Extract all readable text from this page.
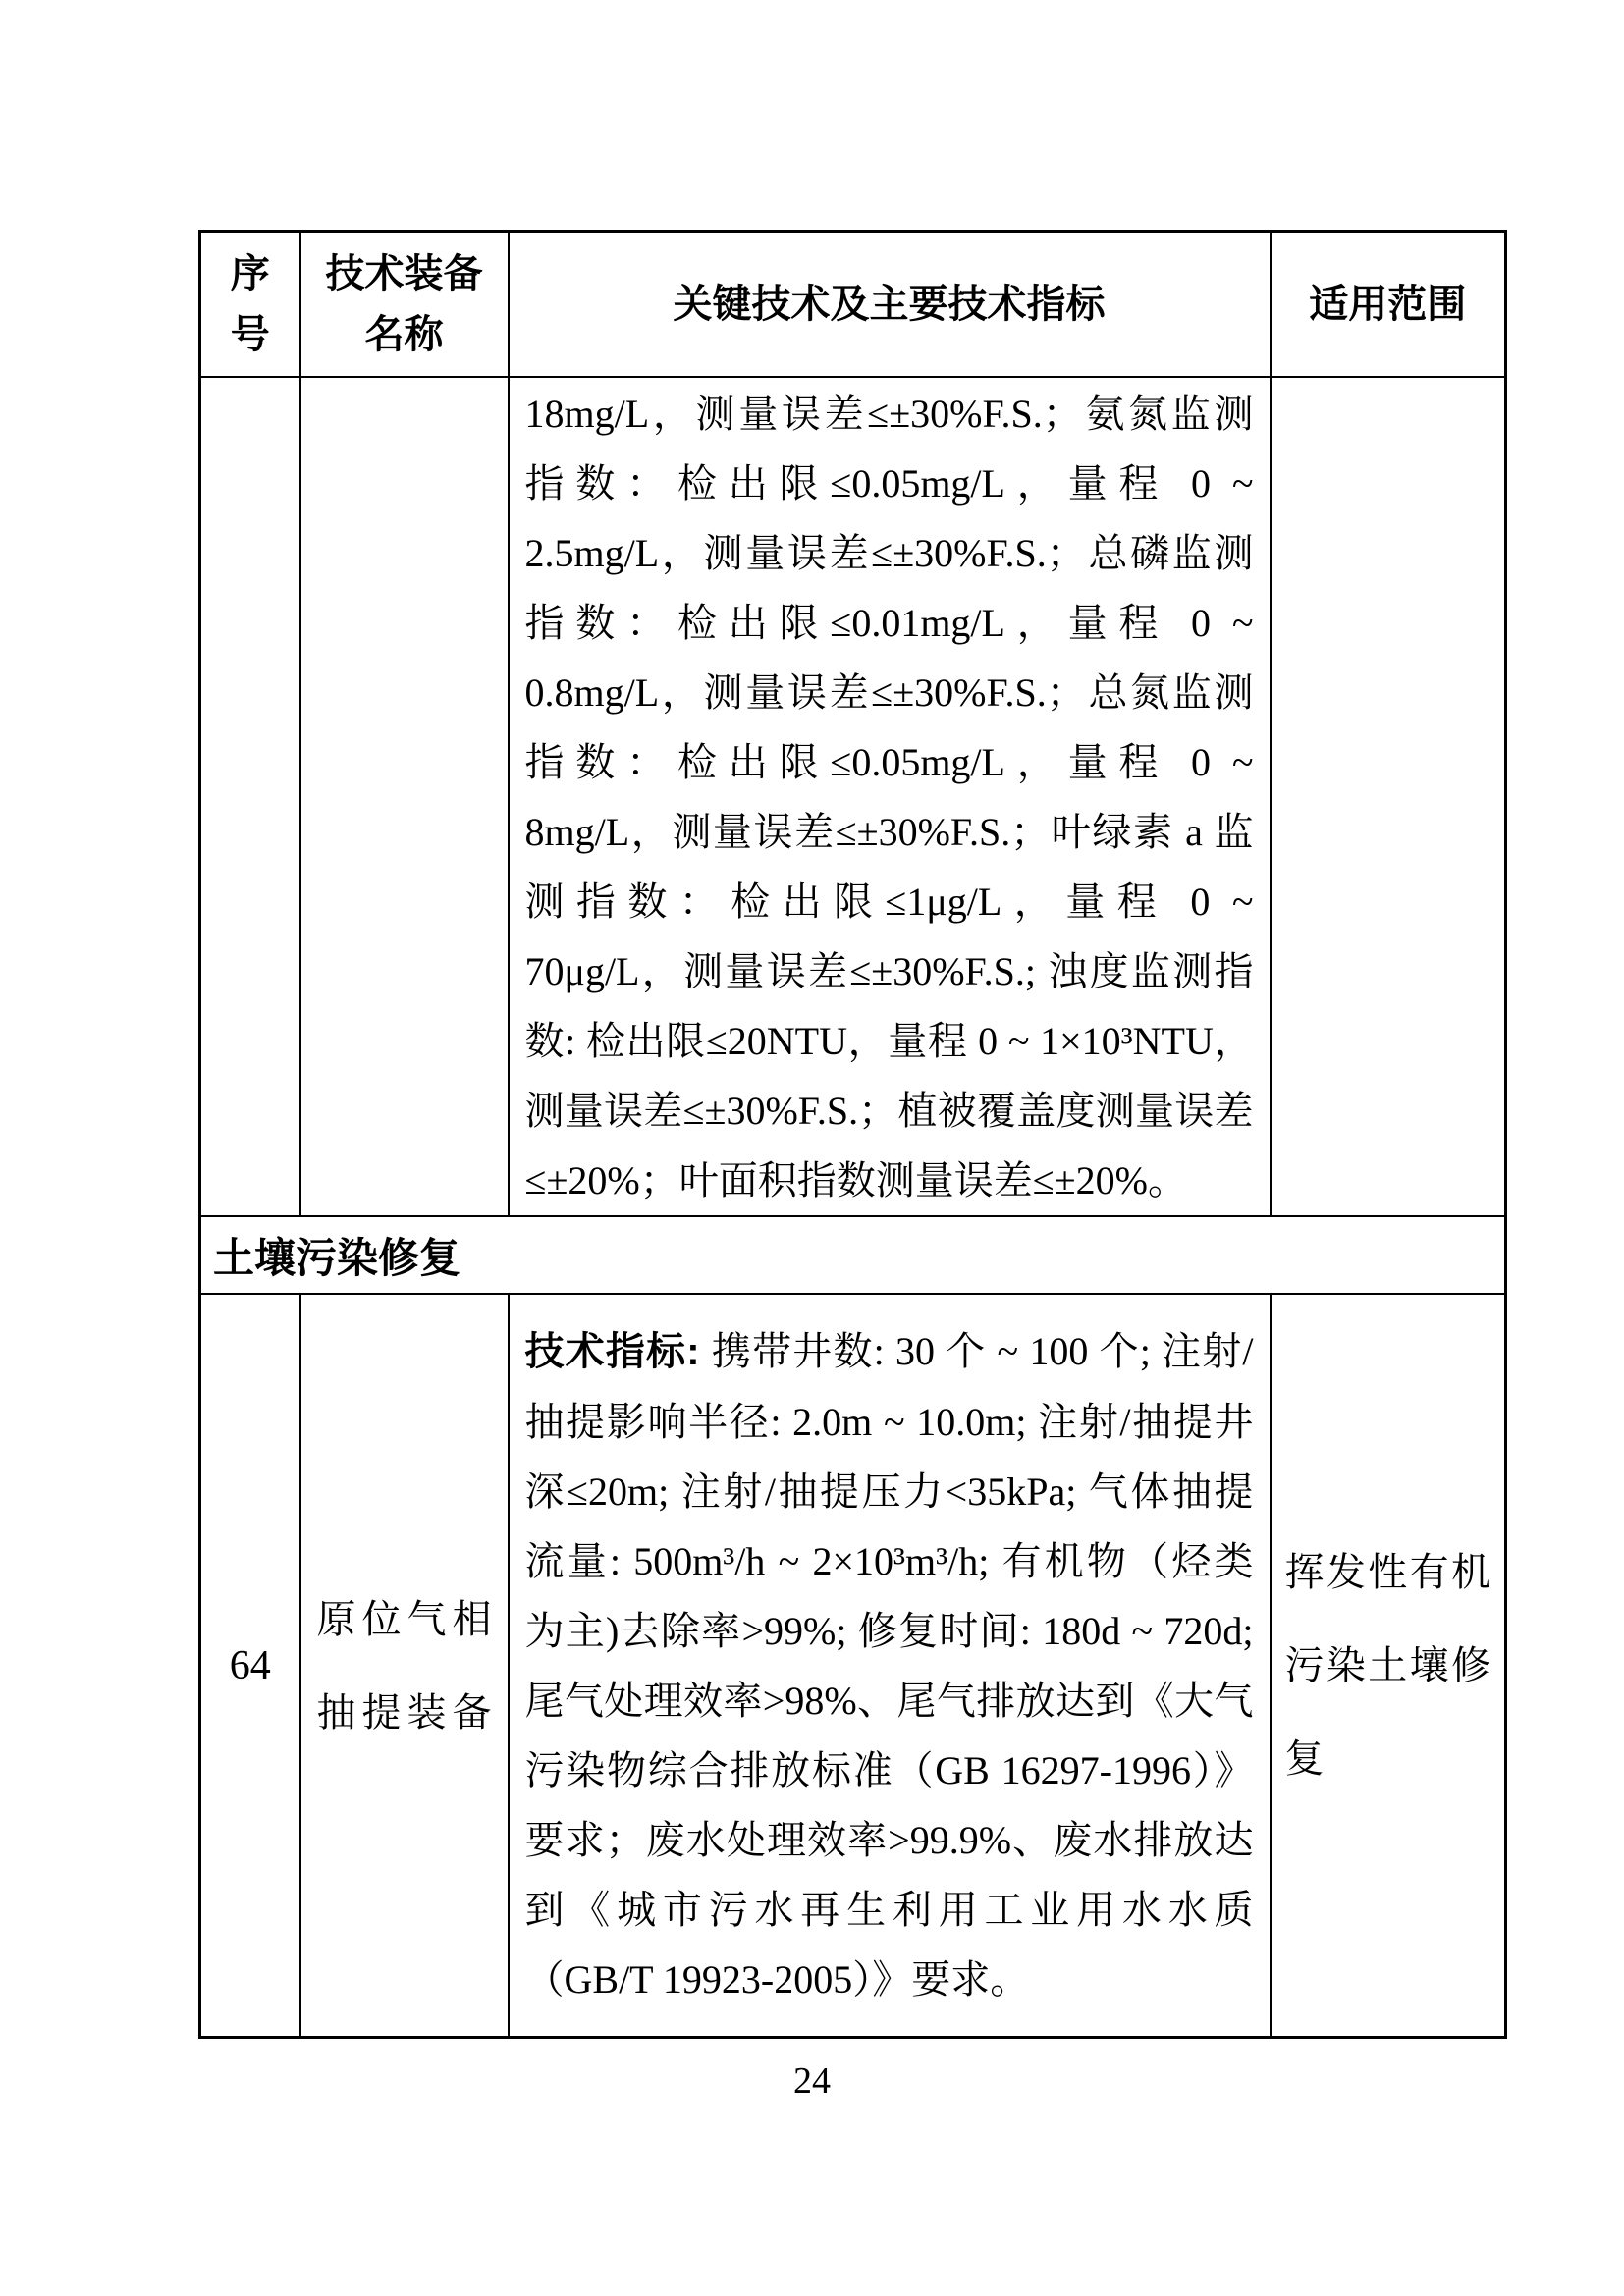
序号	技术装备名称	关键技术及主要技术指标	适用范围

		18mg/L，测量误差≤±30%F.S.；氨氮监测指数：检出限≤0.05mg/L，量程 0 ~ 2.5mg/L，测量误差≤±30%F.S.；总磷监测指数：检出限≤0.01mg/L，量程 0 ~ 0.8mg/L，测量误差≤±30%F.S.；总氮监测指数：检出限≤0.05mg/L，量程 0 ~ 8mg/L，测量误差≤±30%F.S.；叶绿素 a 监测指数：检出限≤1μg/L，量程 0 ~ 70μg/L，测量误差≤±30%F.S.; 浊度监测指数: 检出限≤20NTU，量程 0 ~ 1×10³NTU，测量误差≤±30%F.S.；植被覆盖度测量误差≤±20%；叶面积指数测量误差≤±20%。	

土壤污染修复			
64	原位气相抽提装备	技术指标: 携带井数: 30 个 ~ 100 个; 注射/抽提影响半径: 2.0m ~ 10.0m; 注射/抽提井深≤20m; 注射/抽提压力<35kPa; 气体抽提流量: 500m³/h ~ 2×10³m³/h; 有机物（烃类为主)去除率>99%; 修复时间: 180d ~ 720d; 尾气处理效率>98%、尾气排放达到《大气污染物综合排放标准（GB 16297-1996）》要求；废水处理效率>99.9%、废水排放达到《城市污水再生利用工业用水水质（GB/T 19923-2005）》要求。	挥发性有机污染土壤修复
24
